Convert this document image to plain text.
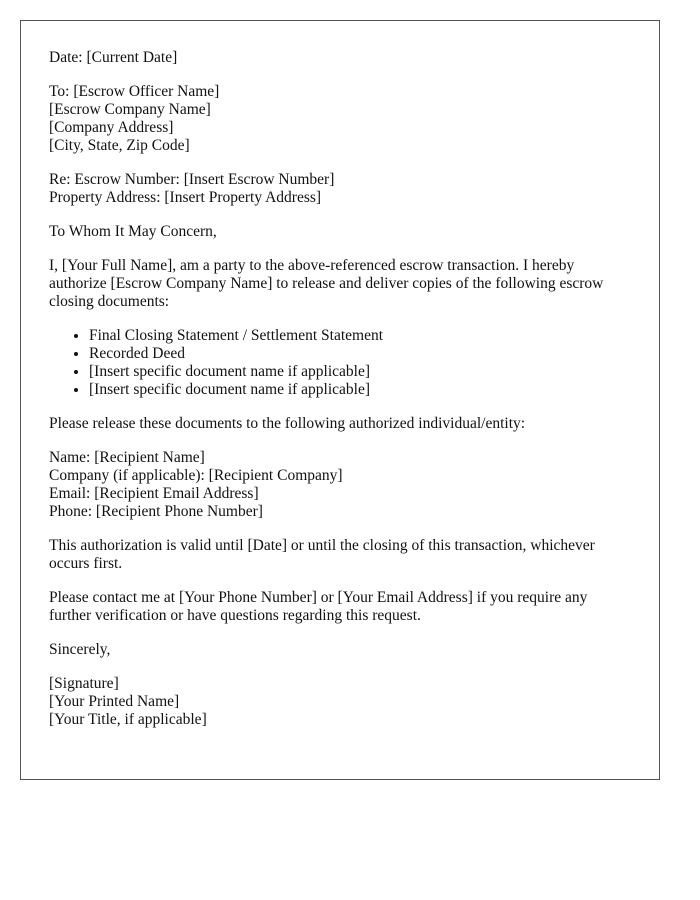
Date: [Current Date]
To: [Escrow Officer Name]
[Escrow Company Name]
[Company Address]
[City, State, Zip Code]
Re: Escrow Number: [Insert Escrow Number]
Property Address: [Insert Property Address]
To Whom It May Concern,
I, [Your Full Name], am a party to the above-referenced escrow transaction. I hereby authorize [Escrow Company Name] to release and deliver copies of the following escrow closing documents:
• Final Closing Statement / Settlement Statement
• Recorded Deed
• [Insert specific document name if applicable]
• [Insert specific document name if applicable]
Please release these documents to the following authorized individual/entity:
Name: [Recipient Name]
Company (if applicable): [Recipient Company]
Email: [Recipient Email Address]
Phone: [Recipient Phone Number]
This authorization is valid until [Date] or until the closing of this transaction, whichever occurs first.
Please contact me at [Your Phone Number] or [Your Email Address] if you require any further verification or have questions regarding this request.
Sincerely,
[Signature]
[Your Printed Name]
[Your Title, if applicable]
